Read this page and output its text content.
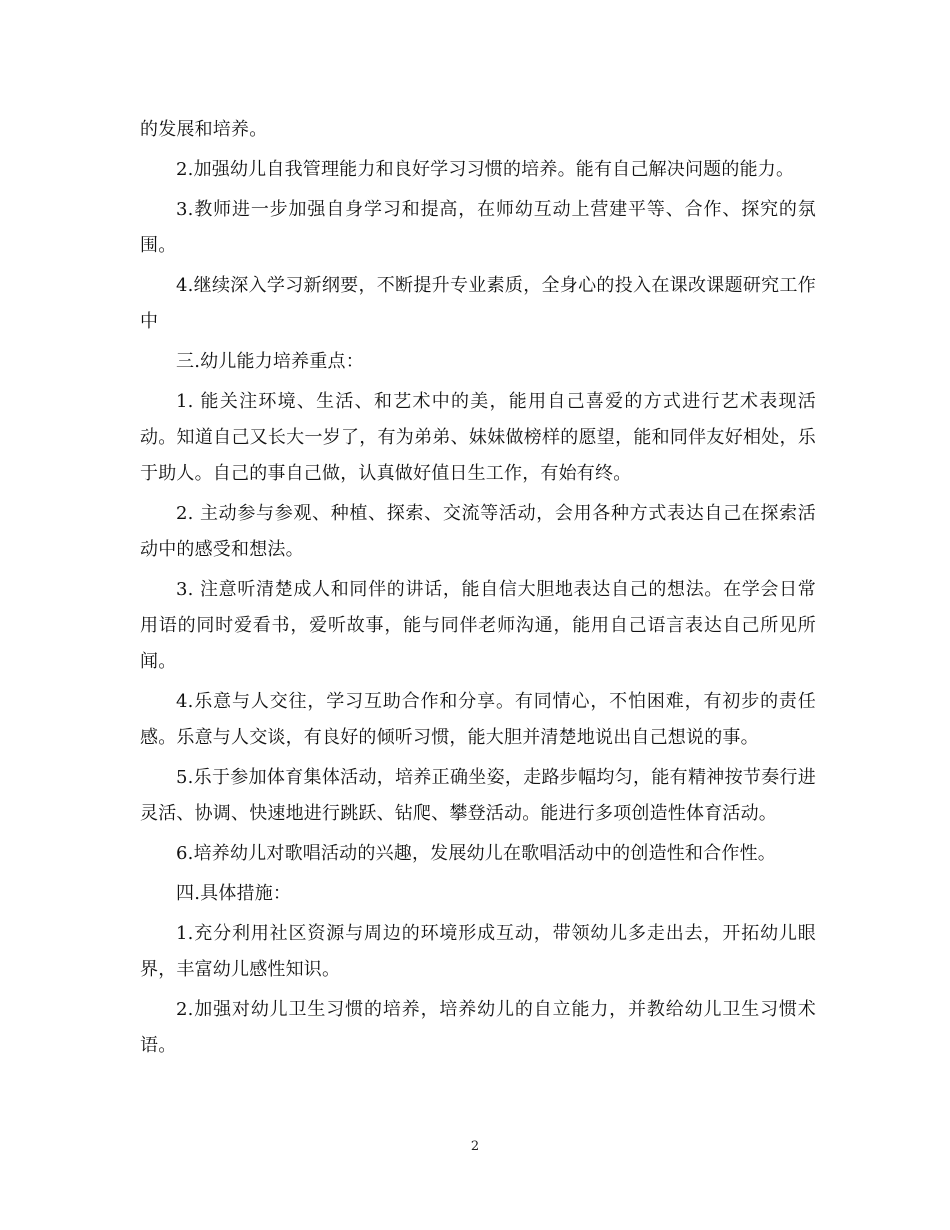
的发展和培养。

2.加强幼儿自我管理能力和良好学习习惯的培养。能有自己解决问题的能力。

3.教师进一步加强自身学习和提高，在师幼互动上营建平等、合作、探究的氛围。

4.继续深入学习新纲要，不断提升专业素质，全身心的投入在课改课题研究工作中

三.幼儿能力培养重点：

1. 能关注环境、生活、和艺术中的美，能用自己喜爱的方式进行艺术表现活动。知道自己又长大一岁了，有为弟弟、妹妹做榜样的愿望，能和同伴友好相处，乐于助人。自己的事自己做，认真做好值日生工作，有始有终。

2. 主动参与参观、种植、探索、交流等活动，会用各种方式表达自己在探索活动中的感受和想法。

3. 注意听清楚成人和同伴的讲话，能自信大胆地表达自己的想法。在学会日常用语的同时爱看书，爱听故事，能与同伴老师沟通，能用自己语言表达自己所见所闻。

4.乐意与人交往，学习互助合作和分享。有同情心，不怕困难，有初步的责任感。乐意与人交谈，有良好的倾听习惯，能大胆并清楚地说出自己想说的事。

5.乐于参加体育集体活动，培养正确坐姿，走路步幅均匀，能有精神按节奏行进灵活、协调、快速地进行跳跃、钻爬、攀登活动。能进行多项创造性体育活动。

6.培养幼儿对歌唱活动的兴趣，发展幼儿在歌唱活动中的创造性和合作性。

四.具体措施：

1.充分利用社区资源与周边的环境形成互动，带领幼儿多走出去，开拓幼儿眼界，丰富幼儿感性知识。

2.加强对幼儿卫生习惯的培养，培养幼儿的自立能力，并教给幼儿卫生习惯术语。

2
